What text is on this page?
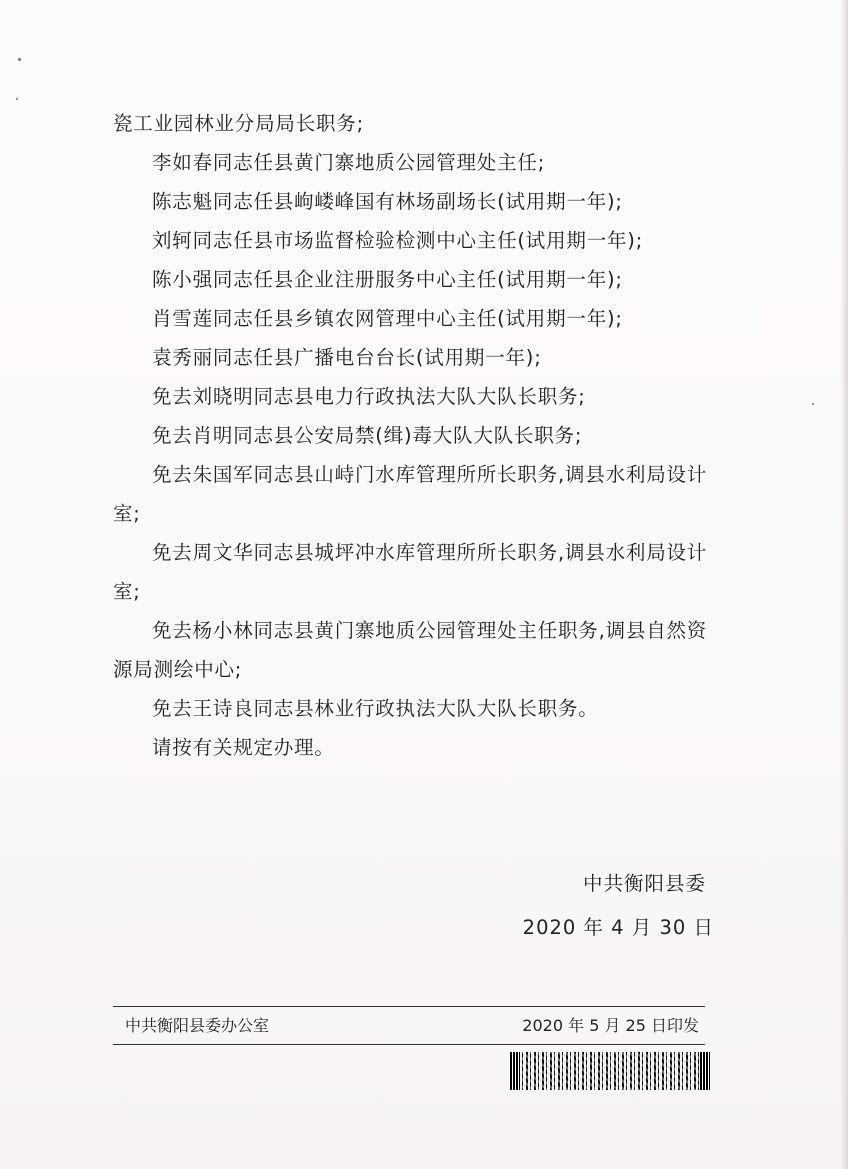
瓷工业园林业分局局长职务;

李如春同志任县黄门寨地质公园管理处主任;

陈志魁同志任县岣嵝峰国有林场副场长(试用期一年);

刘轲同志任县市场监督检验检测中心主任(试用期一年);

陈小强同志任县企业注册服务中心主任(试用期一年);

肖雪莲同志任县乡镇农网管理中心主任(试用期一年);

袁秀丽同志任县广播电台台长(试用期一年);

免去刘晓明同志县电力行政执法大队大队长职务;

免去肖明同志县公安局禁(缉)毒大队大队长职务;

免去朱国军同志县山峙门水库管理所所长职务,调县水利局设计室;

免去周文华同志县城坪冲水库管理所所长职务,调县水利局设计室;

免去杨小林同志县黄门寨地质公园管理处主任职务,调县自然资源局测绘中心;

免去王诗良同志县林业行政执法大队大队长职务。

请按有关规定办理。

中共衡阳县委
2020 年 4 月 30 日
中共衡阳县委办公室	2020 年 5 月 25 日印发
